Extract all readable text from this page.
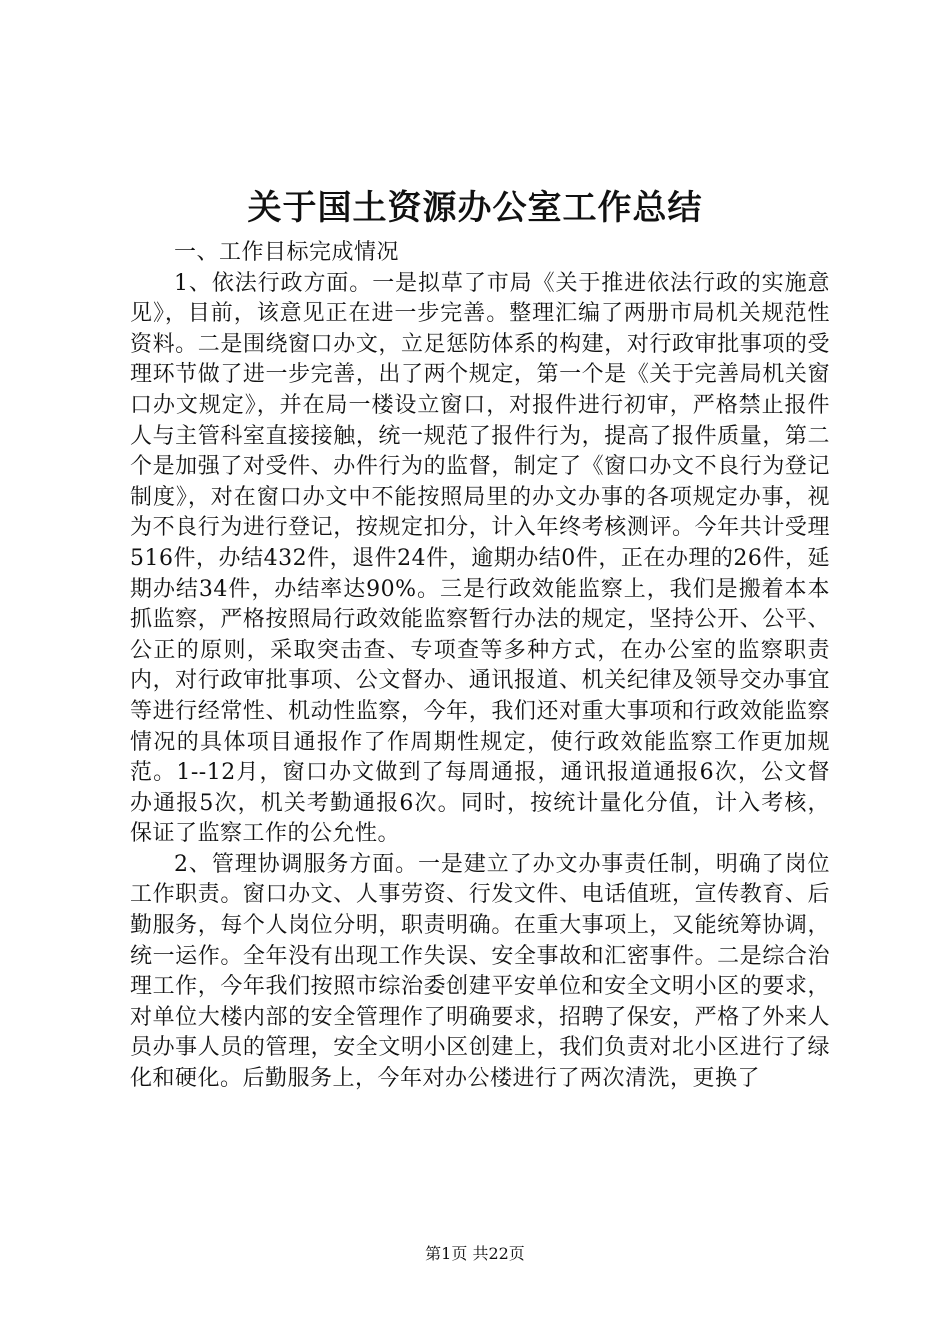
关于国土资源办公室工作总结

一、工作目标完成情况

1、依法行政方面。一是拟草了市局《关于推进依法行政的实施意见》，目前，该意见正在进一步完善。整理汇编了两册市局机关规范性资料。二是围绕窗口办文，立足惩防体系的构建，对行政审批事项的受理环节做了进一步完善，出了两个规定，第一个是《关于完善局机关窗口办文规定》，并在局一楼设立窗口，对报件进行初审，严格禁止报件人与主管科室直接接触，统一规范了报件行为，提高了报件质量，第二个是加强了对受件、办件行为的监督，制定了《窗口办文不良行为登记制度》，对在窗口办文中不能按照局里的办文办事的各项规定办事，视为不良行为进行登记，按规定扣分，计入年终考核测评。今年共计受理516件，办结432件，退件24件，逾期办结0件，正在办理的26件，延期办结34件，办结率达90%。三是行政效能监察上，我们是搬着本本抓监察，严格按照局行政效能监察暂行办法的规定，坚持公开、公平、公正的原则，采取突击查、专项查等多种方式，在办公室的监察职责内，对行政审批事项、公文督办、通讯报道、机关纪律及领导交办事宜等进行经常性、机动性监察，今年，我们还对重大事项和行政效能监察情况的具体项目通报作了作周期性规定，使行政效能监察工作更加规范。1--12月，窗口办文做到了每周通报，通讯报道通报6次，公文督办通报5次，机关考勤通报6次。同时，按统计量化分值，计入考核，保证了监察工作的公允性。

2、管理协调服务方面。一是建立了办文办事责任制，明确了岗位工作职责。窗口办文、人事劳资、行发文件、电话值班，宣传教育、后勤服务，每个人岗位分明，职责明确。在重大事项上，又能统筹协调，统一运作。全年没有出现工作失误、安全事故和汇密事件。二是综合治理工作，今年我们按照市综治委创建平安单位和安全文明小区的要求，对单位大楼内部的安全管理作了明确要求，招聘了保安，严格了外来人员办事人员的管理，安全文明小区创建上，我们负责对北小区进行了绿化和硬化。后勤服务上，今年对办公楼进行了两次清洗，更换了

第1页 共22页
